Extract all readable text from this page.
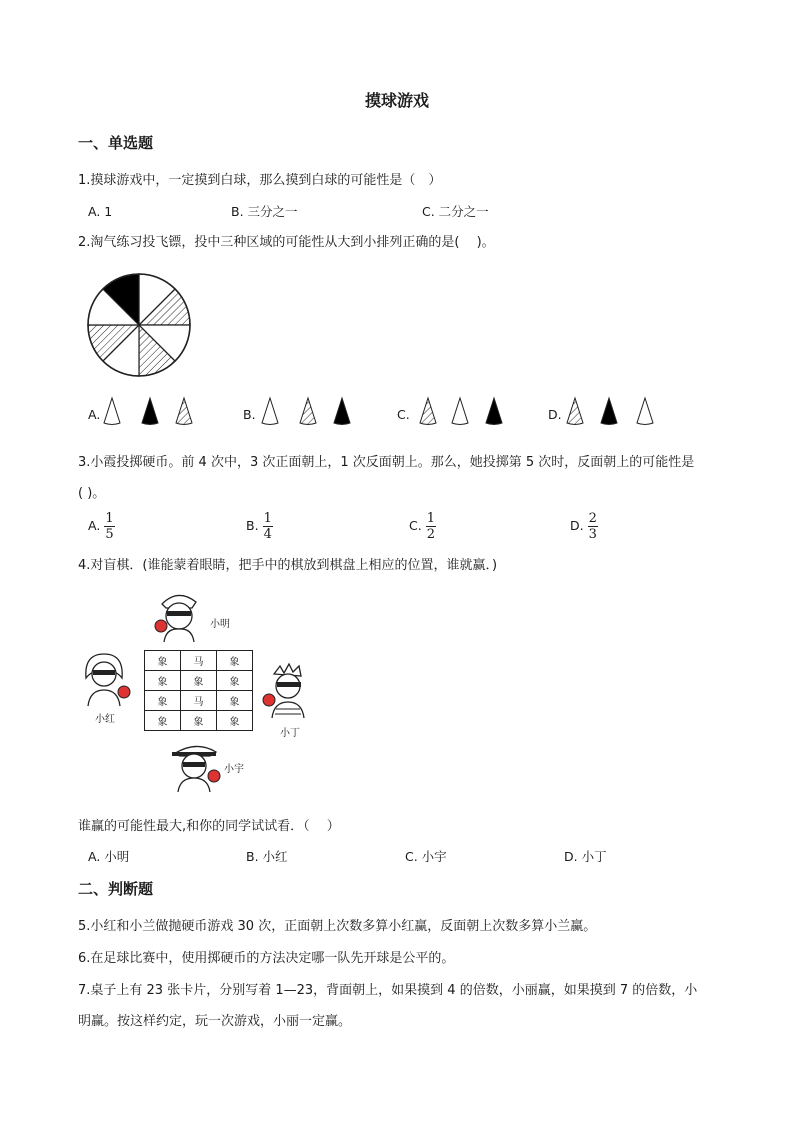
摸球游戏
一、单选题
1.摸球游戏中，一定摸到白球，那么摸到白球的可能性是（　）
A. 1	B. 三分之一	C. 二分之一
2.淘气练习投飞镖，投中三种区域的可能性从大到小排列正确的是(　 )。
A.	B.	C.	D.
3.小霞投掷硬币。前 4 次中，3 次正面朝上，1 次反面朝上。那么，她投掷第 5 次时，反面朝上的可能性是
( )。
A. $\frac{1}{5}$	B. $\frac{1}{4}$	C. $\frac{1}{2}$	D. $\frac{2}{3}$
4.对盲棋．(谁能蒙着眼睛，把手中的棋放到棋盘上相应的位置，谁就赢．)
小明
小红
象	马	象
象	象	象
象	马	象
象	象	象
小丁
小宇
谁赢的可能性最大,和你的同学试试看．（　 ）
A. 小明	B. 小红	C. 小宇	D. 小丁
二、判断题
5.小红和小兰做抛硬币游戏 30 次，正面朝上次数多算小红赢，反面朝上次数多算小兰赢。
6.在足球比赛中，使用掷硬币的方法决定哪一队先开球是公平的。
7.桌子上有 23 张卡片，分别写着 1—23，背面朝上，如果摸到 4 的倍数，小丽赢，如果摸到 7 的倍数，小
明赢。按这样约定，玩一次游戏，小丽一定赢。
